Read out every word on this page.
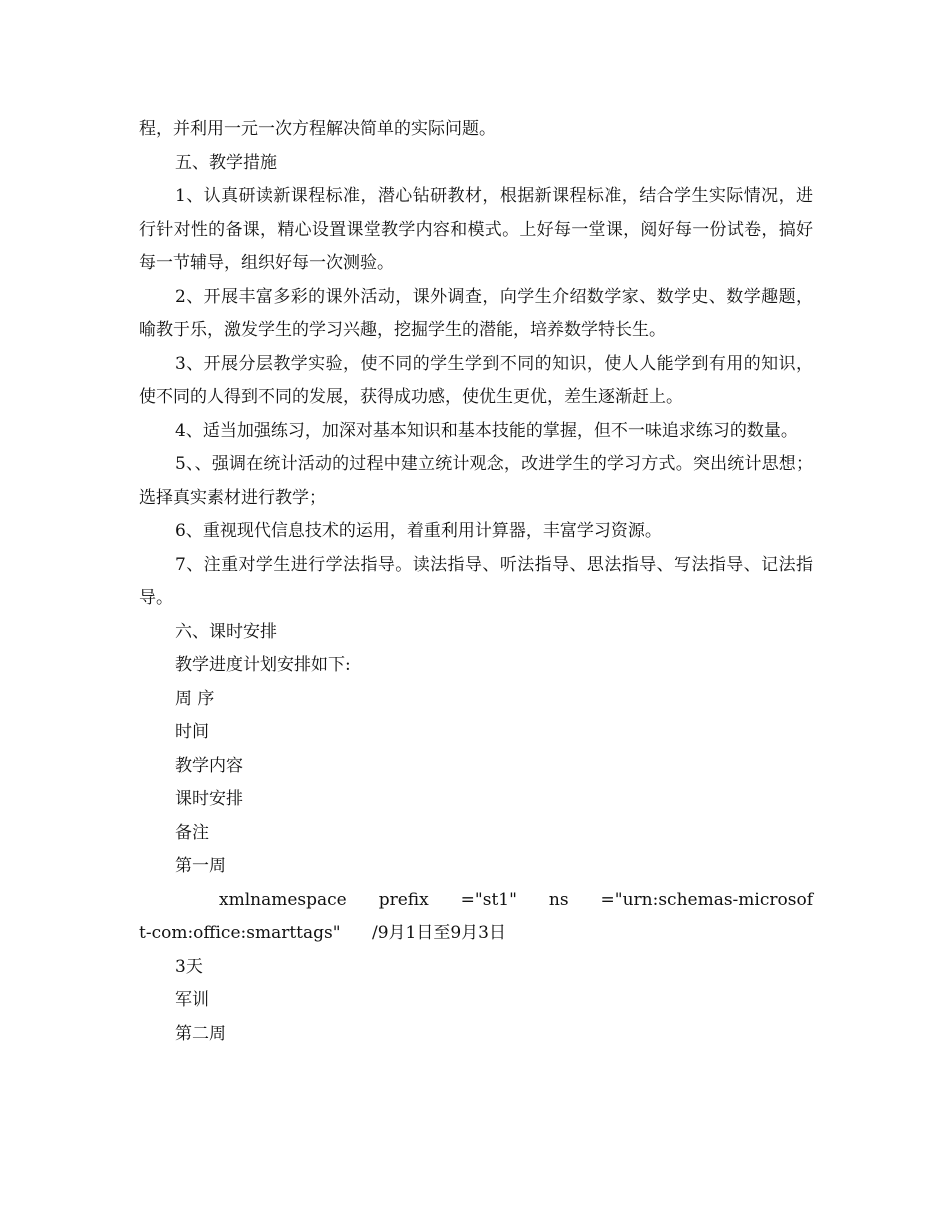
程，并利用一元一次方程解决简单的实际问题。

五、教学措施

1、认真研读新课程标准，潜心钻研教材，根据新课程标准，结合学生实际情况，进行针对性的备课，精心设置课堂教学内容和模式。上好每一堂课，阅好每一份试卷，搞好每一节辅导，组织好每一次测验。

2、开展丰富多彩的课外活动，课外调查，向学生介绍数学家、数学史、数学趣题，喻教于乐，激发学生的学习兴趣，挖掘学生的潜能，培养数学特长生。

3、开展分层教学实验，使不同的学生学到不同的知识，使人人能学到有用的知识，使不同的人得到不同的发展，获得成功感，使优生更优，差生逐渐赶上。

4、适当加强练习，加深对基本知识和基本技能的掌握，但不一味追求练习的数量。

5、、强调在统计活动的过程中建立统计观念，改进学生的学习方式。突出统计思想；选择真实素材进行教学；

6、重视现代信息技术的运用，着重利用计算器，丰富学习资源。

7、注重对学生进行学法指导。读法指导、听法指导、思法指导、写法指导、记法指导。

六、课时安排

教学进度计划安排如下:

周 序

时间

教学内容

课时安排

备注

第一周

xmlnamespace prefix ="st1" ns ="urn:schemas-microsoft-com:office:smarttags" /9月1日至9月3日

3天

军训

第二周
